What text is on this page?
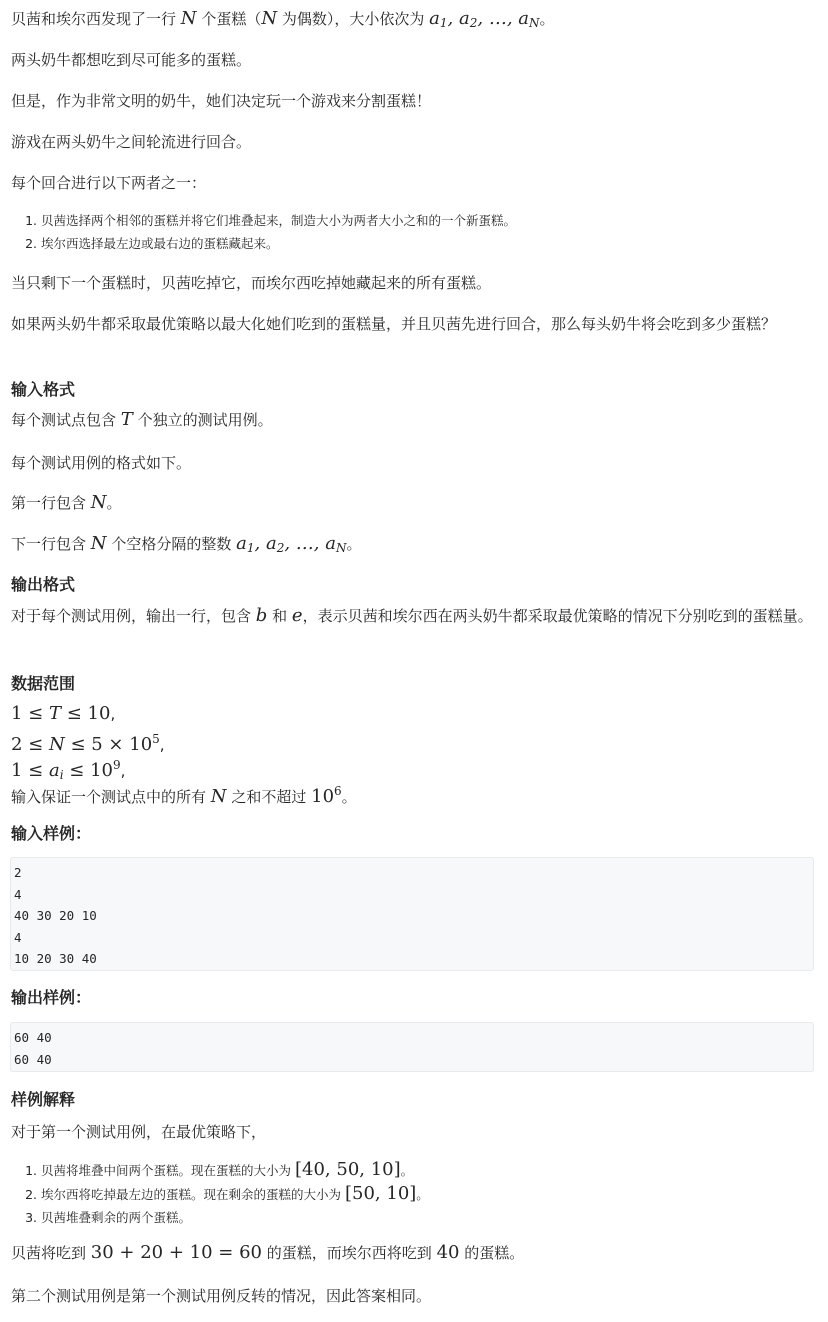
贝茜和埃尔西发现了一行 N 个蛋糕（N 为偶数），大小依次为 $a_1$, $a_2$, …, $a_N$。

两头奶牛都想吃到尽可能多的蛋糕。

但是，作为非常文明的奶牛，她们决定玩一个游戏来分割蛋糕！

游戏在两头奶牛之间轮流进行回合。

每个回合进行以下两者之一：

1. 贝茜选择两个相邻的蛋糕并将它们堆叠起来，制造大小为两者大小之和的一个新蛋糕。
2. 埃尔西选择最左边或最右边的蛋糕藏起来。

当只剩下一个蛋糕时，贝茜吃掉它，而埃尔西吃掉她藏起来的所有蛋糕。

如果两头奶牛都采取最优策略以最大化她们吃到的蛋糕量，并且贝茜先进行回合，那么每头奶牛将会吃到多少蛋糕？

输入格式

每个测试点包含 T 个独立的测试用例。

每个测试用例的格式如下。

第一行包含 N。

下一行包含 N 个空格分隔的整数 $a_1$, $a_2$, …, $a_N$。

输出格式

对于每个测试用例，输出一行，包含 b 和 e，表示贝茜和埃尔西在两头奶牛都采取最优策略的情况下分别吃到的蛋糕量。

数据范围

1 ≤ T ≤ 10,

$2 \le N \le 5 \times 10^5$,

$1 \le a_i \le 10^9$,

输入保证一个测试点中的所有 N 之和不超过 $10^6$。

输入样例：
2
4
40 30 20 10
4
10 20 30 40
输出样例：
60 40
60 40
样例解释

对于第一个测试用例，在最优策略下，

1. 贝茜将堆叠中间两个蛋糕。现在蛋糕的大小为 [40, 50, 10]。
2. 埃尔西将吃掉最左边的蛋糕。现在剩余的蛋糕的大小为 [50, 10]。
3. 贝茜堆叠剩余的两个蛋糕。

贝茜将吃到 30 + 20 + 10 = 60 的蛋糕，而埃尔西将吃到 40 的蛋糕。

第二个测试用例是第一个测试用例反转的情况，因此答案相同。
